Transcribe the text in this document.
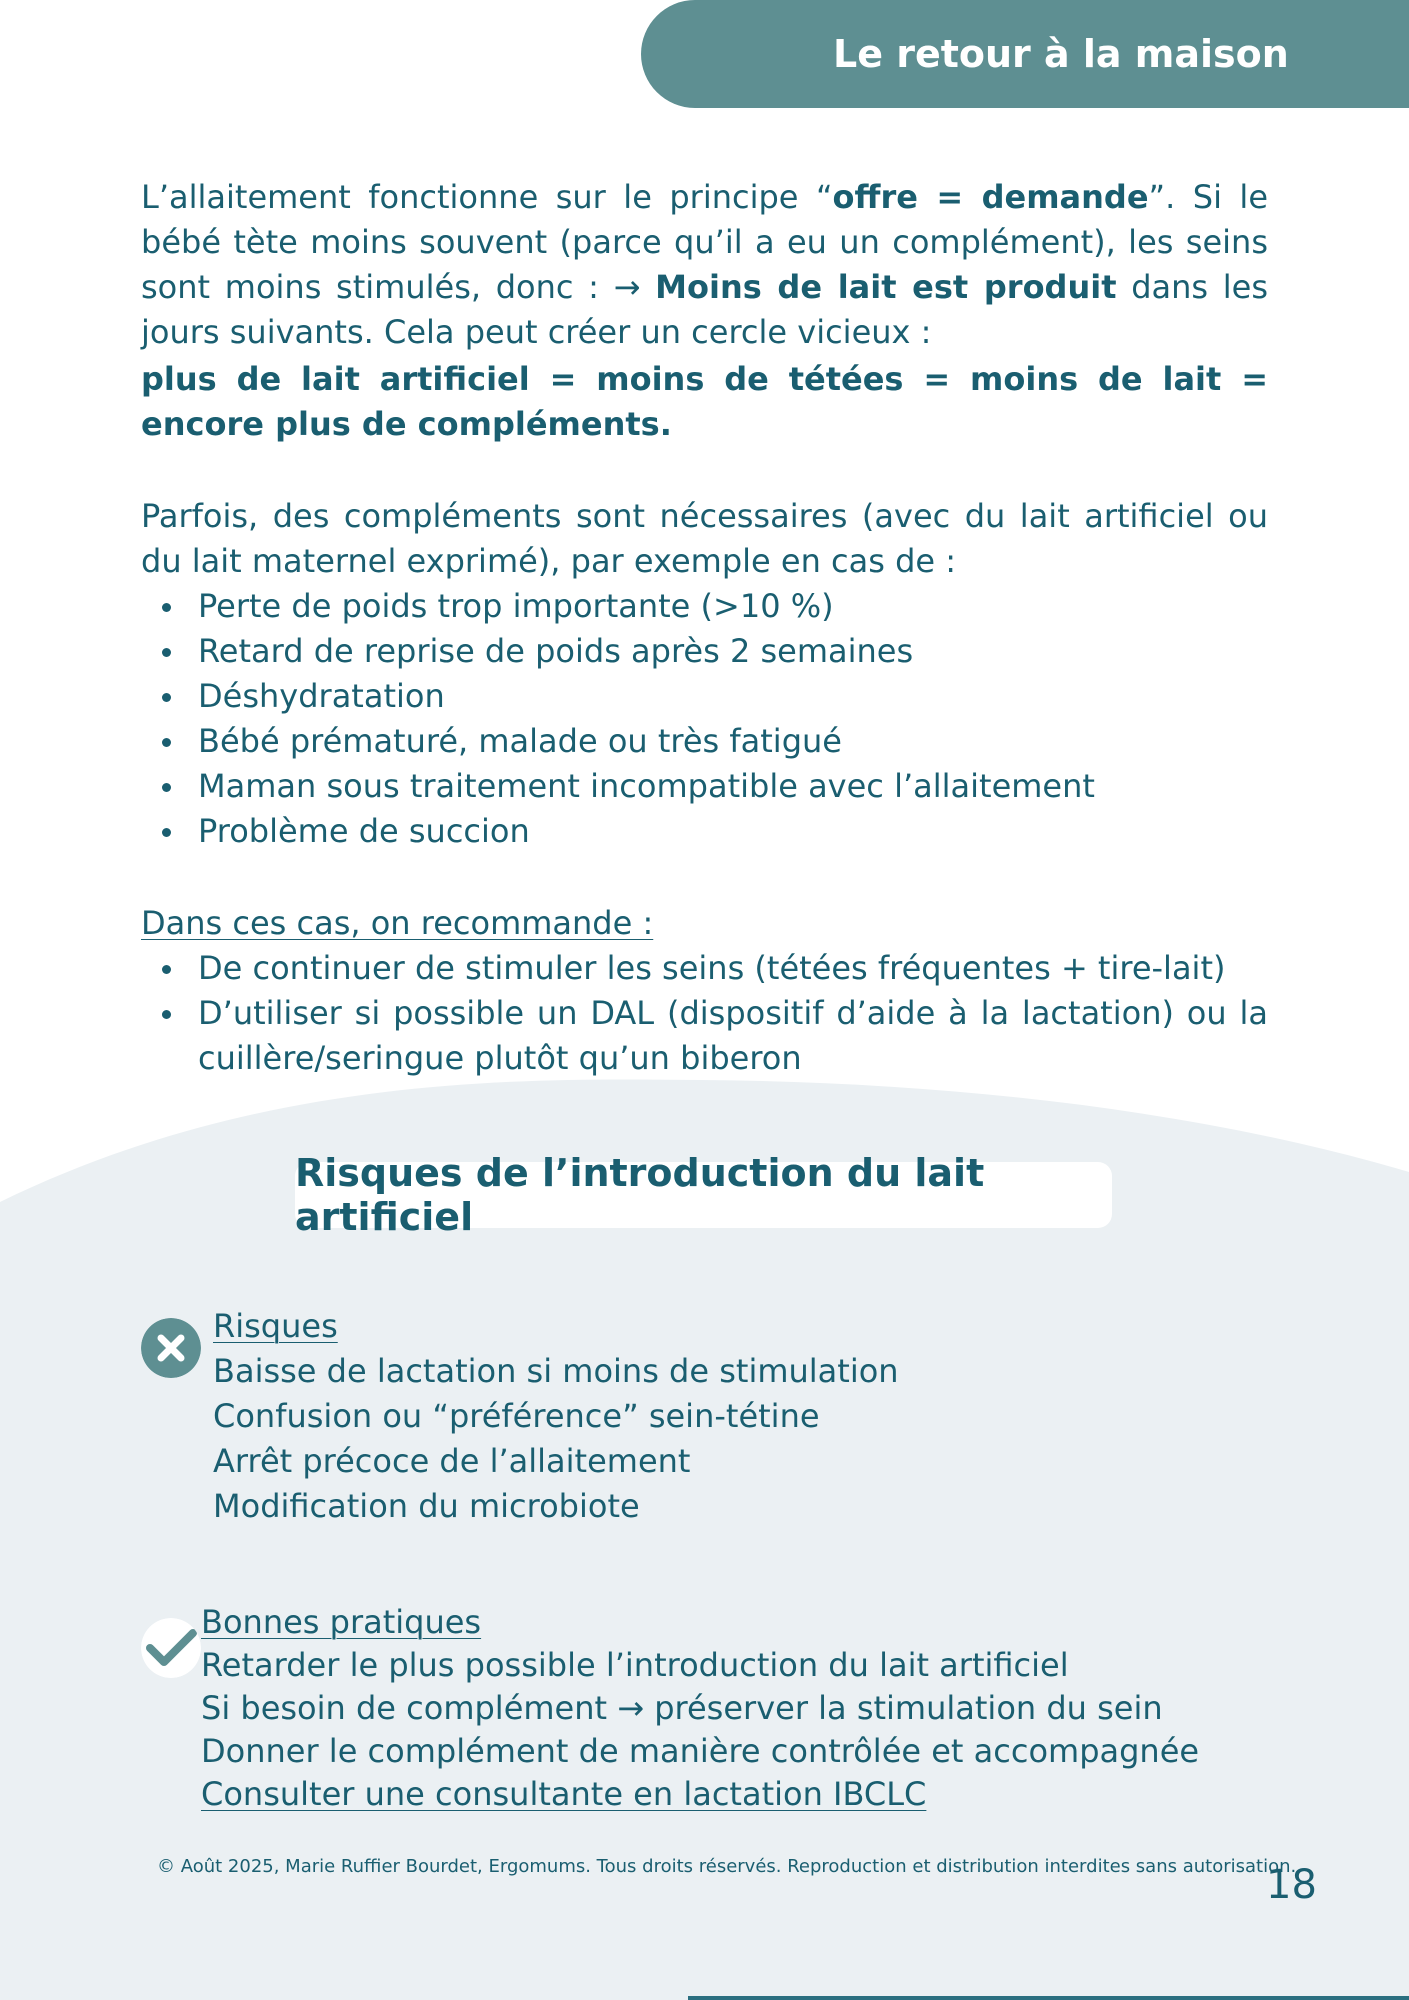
Le retour à la maison
L’allaitement fonctionne sur le principe “offre = demande”. Si le bébé tète moins souvent (parce qu’il a eu un complément), les seins sont moins stimulés, donc : → Moins de lait est produit dans les jours suivants. Cela peut créer un cercle vicieux :
plus de lait artificiel = moins de tétées = moins de lait = encore plus de compléments.
Parfois, des compléments sont nécessaires (avec du lait artificiel ou du lait maternel exprimé), par exemple en cas de :
Perte de poids trop importante (>10 %)
Retard de reprise de poids après 2 semaines
Déshydratation
Bébé prématuré, malade ou très fatigué
Maman sous traitement incompatible avec l’allaitement
Problème de succion
Dans ces cas, on recommande :
De continuer de stimuler les seins (tétées fréquentes + tire-lait)
D’utiliser si possible un DAL (dispositif d’aide à la lactation) ou la cuillère/seringue plutôt qu’un biberon
Risques de l’introduction du lait artificiel
Risques
Baisse de lactation si moins de stimulation
Confusion ou “préférence” sein-tétine
Arrêt précoce de l’allaitement
Modification du microbiote
Bonnes pratiques
Retarder le plus possible l’introduction du lait artificiel
Si besoin de complément → préserver la stimulation du sein
Donner le complément de manière contrôlée et accompagnée
Consulter une consultante en lactation IBCLC
© Août 2025, Marie Ruffier Bourdet, Ergomums. Tous droits réservés. Reproduction et distribution interdites sans autorisation.
18
